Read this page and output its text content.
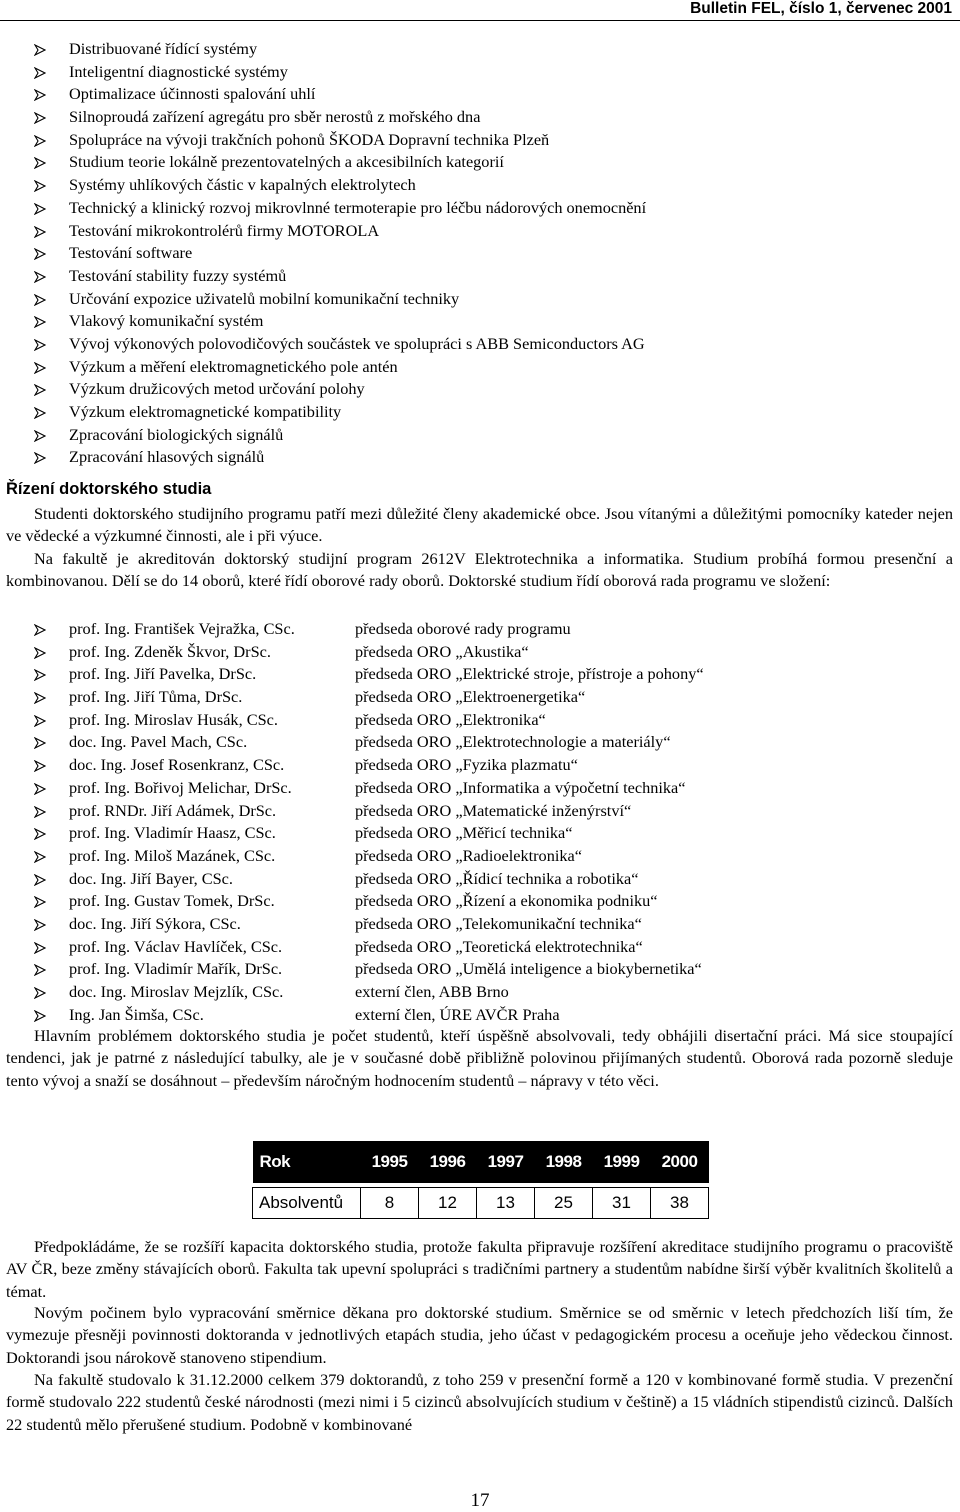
Bulletin FEL, číslo 1, červenec 2001
Distribuované řídící systémy
Inteligentní diagnostické systémy
Optimalizace účinnosti spalování uhlí
Silnoproudá zařízení agregátu pro sběr nerostů z mořského dna
Spolupráce na vývoji trakčních pohonů ŠKODA Dopravní technika Plzeň
Studium teorie lokálně prezentovatelných a akcesibilních kategorií
Systémy uhlíkových částic v kapalných elektrolytech
Technický a klinický rozvoj mikrovlnné termoterapie pro léčbu nádorových onemocnění
Testování mikrokontrolérů firmy MOTOROLA
Testování software
Testování stability fuzzy systémů
Určování expozice uživatelů mobilní komunikační techniky
Vlakový komunikační systém
Vývoj výkonových polovodičových součástek ve spolupráci s ABB Semiconductors AG
Výzkum a měření elektromagnetického pole antén
Výzkum družicových metod určování polohy
Výzkum elektromagnetické kompatibility
Zpracování biologických signálů
Zpracování hlasových signálů
Řízení doktorského studia

Studenti doktorského studijního programu patří mezi důležité členy akademické obce. Jsou vítanými a důležitými pomocníky kateder nejen ve vědecké a výzkumné činnosti, ale i při výuce.

Na fakultě je akreditován doktorský studijní program 2612V Elektrotechnika a informatika. Studium probíhá formou presenční a kombinovanou. Dělí se do 14 oborů, které řídí oborové rady oborů. Doktorské studium řídí oborová rada programu ve složení:

prof. Ing. František Vejražka, CSc.	předseda oborové rady programu
prof. Ing. Zdeněk Škvor, DrSc.	předseda ORO „Akustika“
prof. Ing. Jiří Pavelka, DrSc.	předseda ORO „Elektrické stroje, přístroje a pohony“
prof. Ing. Jiří Tůma, DrSc.	předseda ORO „Elektroenergetika“
prof. Ing. Miroslav Husák, CSc.	předseda ORO „Elektronika“
doc. Ing. Pavel Mach, CSc.	předseda ORO „Elektrotechnologie a materiály“
doc. Ing. Josef Rosenkranz, CSc.	předseda ORO „Fyzika plazmatu“
prof. Ing. Bořivoj Melichar, DrSc.	předseda ORO „Informatika a výpočetní technika“
prof. RNDr. Jiří Adámek, DrSc.	předseda ORO „Matematické inženýrství“
prof. Ing. Vladimír Haasz, CSc.	předseda ORO „Měřicí technika“
prof. Ing. Miloš Mazánek, CSc.	předseda ORO „Radioelektronika“
doc. Ing. Jiří Bayer, CSc.	předseda ORO „Řídicí technika a robotika“
prof. Ing. Gustav Tomek, DrSc.	předseda ORO „Řízení a ekonomika podniku“
doc. Ing. Jiří Sýkora, CSc.	předseda ORO „Telekomunikační technika“
prof. Ing. Václav Havlíček, CSc.	předseda ORO „Teoretická elektrotechnika“
prof. Ing. Vladimír Mařík, DrSc.	předseda ORO „Umělá inteligence a biokybernetika“
doc. Ing. Miroslav Mejzlík, CSc.	externí člen, ABB Brno
Ing. Jan Šimša, CSc.	externí člen, ÚRE AVČR Praha

Hlavním problémem doktorského studia je počet studentů, kteří úspěšně absolvovali, tedy obhájili disertační práci. Má sice stoupající tendenci, jak je patrné z následující tabulky, ale je v současné době přibližně polovinou přijímaných studentů. Oborová rada pozorně sleduje tento vývoj a snaží se dosáhnout – především náročným hodnocením studentů – nápravy v této věci.

Rok	1995	1996	1997	1998	1999	2000

Absolventů	8	12	13	25	31	38

Předpokládáme, že se rozšíří kapacita doktorského studia, protože fakulta připravuje rozšíření akreditace studijního programu o pracoviště AV ČR, beze změny stávajících oborů. Fakulta tak upevní spolupráci s tradičními partnery a studentům nabídne širší výběr kvalitních školitelů a témat.

Novým počinem bylo vypracování směrnice děkana pro doktorské studium. Směrnice se od směrnic v letech předchozích liší tím, že vymezuje přesněji povinnosti doktoranda v jednotlivých etapách studia, jeho účast v pedagogickém procesu a oceňuje jeho vědeckou činnost. Doktorandi jsou nárokově stanoveno stipendium.

Na fakultě studovalo k 31.12.2000 celkem 379 doktorandů, z toho 259 v presenční formě a 120 v kombinované formě studia. V prezenční formě studovalo 222 studentů české národnosti (mezi nimi i 5 cizinců absolvujících studium v češtině) a 15 vládních stipendistů cizinců. Dalších 22 studentů mělo přerušené studium. Podobně v kombinované

17
